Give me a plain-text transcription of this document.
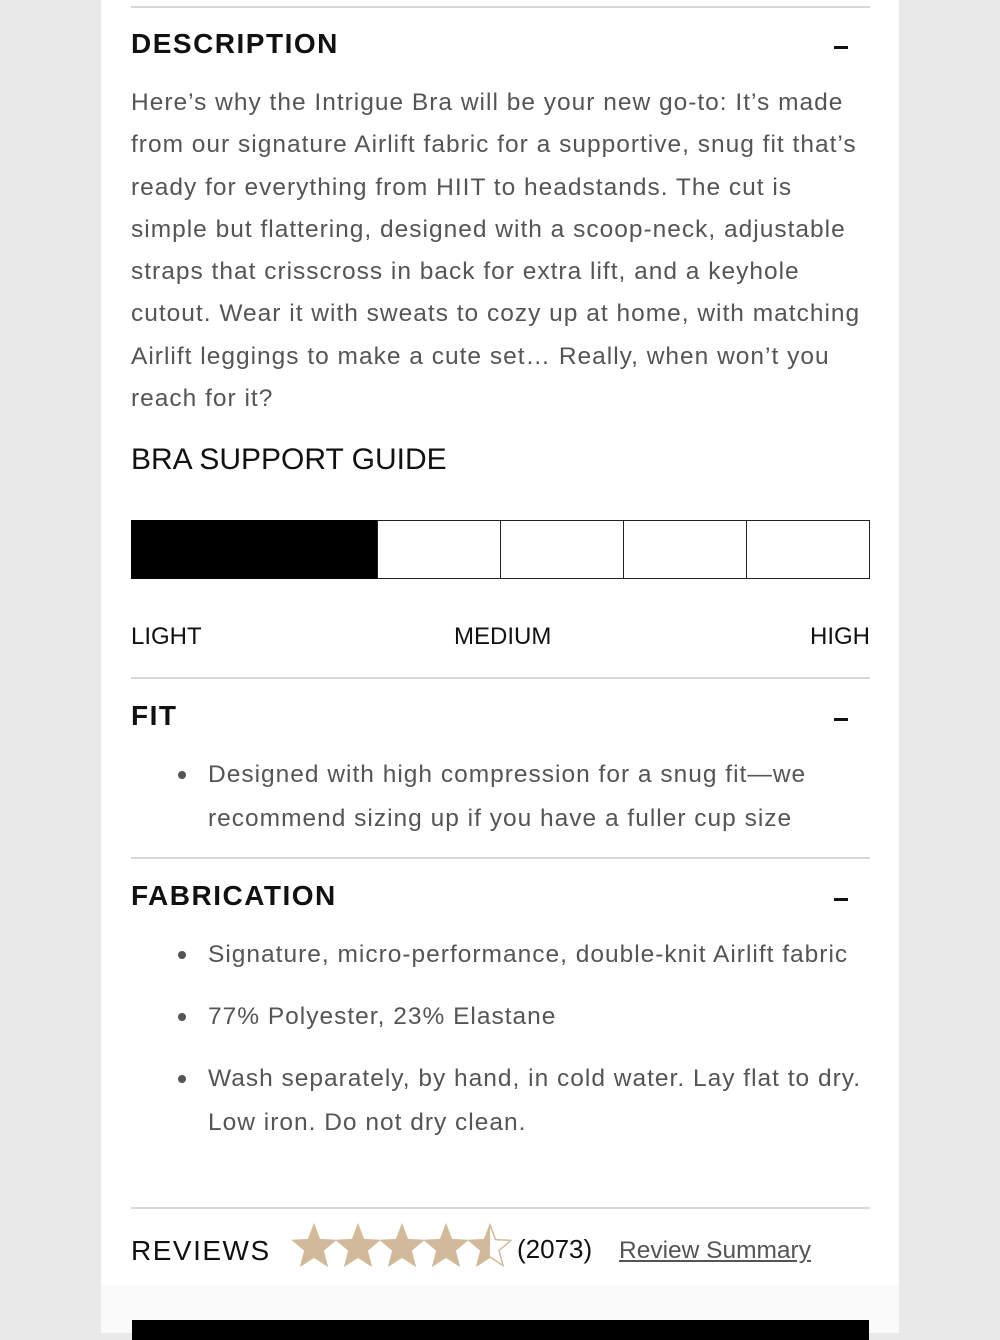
DESCRIPTION

Here’s why the Intrigue Bra will be your new go-to: It’s made from our signature Airlift fabric for a supportive, snug fit that’s ready for everything from HIIT to headstands. The cut is simple but flattering, designed with a scoop-neck, adjustable straps that crisscross in back for extra lift, and a keyhole cutout. Wear it with sweats to cozy up at home, with matching Airlift leggings to make a cute set… Really, when won’t you reach for it?

BRA SUPPORT GUIDE
LIGHT	MEDIUM	HIGH
FIT
Designed with high compression for a snug fit—we recommend sizing up if you have a fuller cup size
FABRICATION
Signature, micro-performance, double-knit Airlift fabric
77% Polyester, 23% Elastane
Wash separately, by hand, in cold water. Lay flat to dry. Low iron. Do not dry clean.
REVIEWS	(2073) Review Summary
